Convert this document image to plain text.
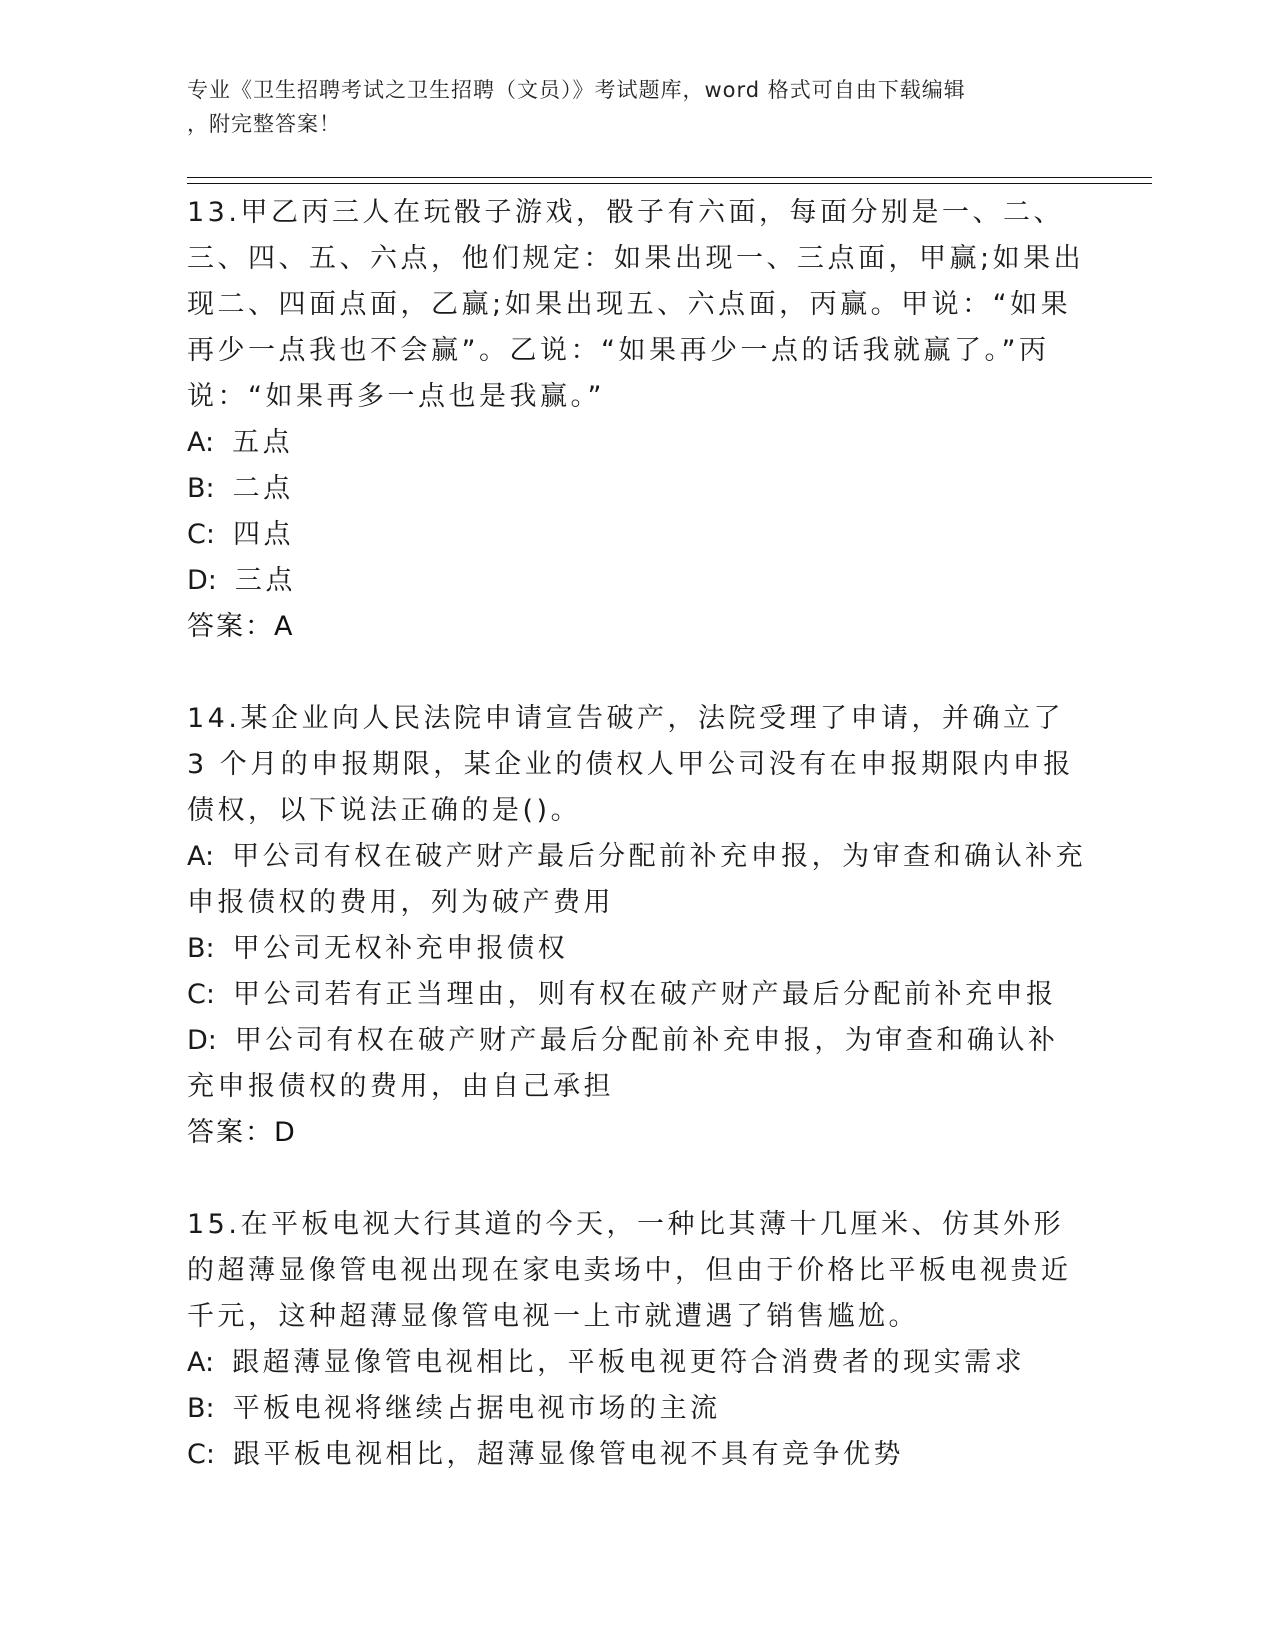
专业《卫生招聘考试之卫生招聘（文员）》考试题库，word 格式可自由下载编辑
，附完整答案！
13.甲乙丙三人在玩骰子游戏，骰子有六面，每面分别是一、二、三、四、五、六点，他们规定：如果出现一、三点面，甲赢;如果出现二、四面点面，乙赢;如果出现五、六点面，丙赢。甲说：“如果再少一点我也不会赢”。乙说：“如果再少一点的话我就赢了。”丙说：“如果再多一点也是我赢。”
A: 五点
B: 二点
C: 四点
D: 三点
答案：A
14.某企业向人民法院申请宣告破产，法院受理了申请，并确立了 3 个月的申报期限，某企业的债权人甲公司没有在申报期限内申报债权，以下说法正确的是()。
A: 甲公司有权在破产财产最后分配前补充申报，为审查和确认补充申报债权的费用，列为破产费用
B: 甲公司无权补充申报债权
C: 甲公司若有正当理由，则有权在破产财产最后分配前补充申报
D: 甲公司有权在破产财产最后分配前补充申报，为审查和确认补充申报债权的费用，由自己承担
答案：D
15.在平板电视大行其道的今天，一种比其薄十几厘米、仿其外形的超薄显像管电视出现在家电卖场中，但由于价格比平板电视贵近千元，这种超薄显像管电视一上市就遭遇了销售尴尬。
A: 跟超薄显像管电视相比，平板电视更符合消费者的现实需求
B: 平板电视将继续占据电视市场的主流
C: 跟平板电视相比，超薄显像管电视不具有竞争优势
